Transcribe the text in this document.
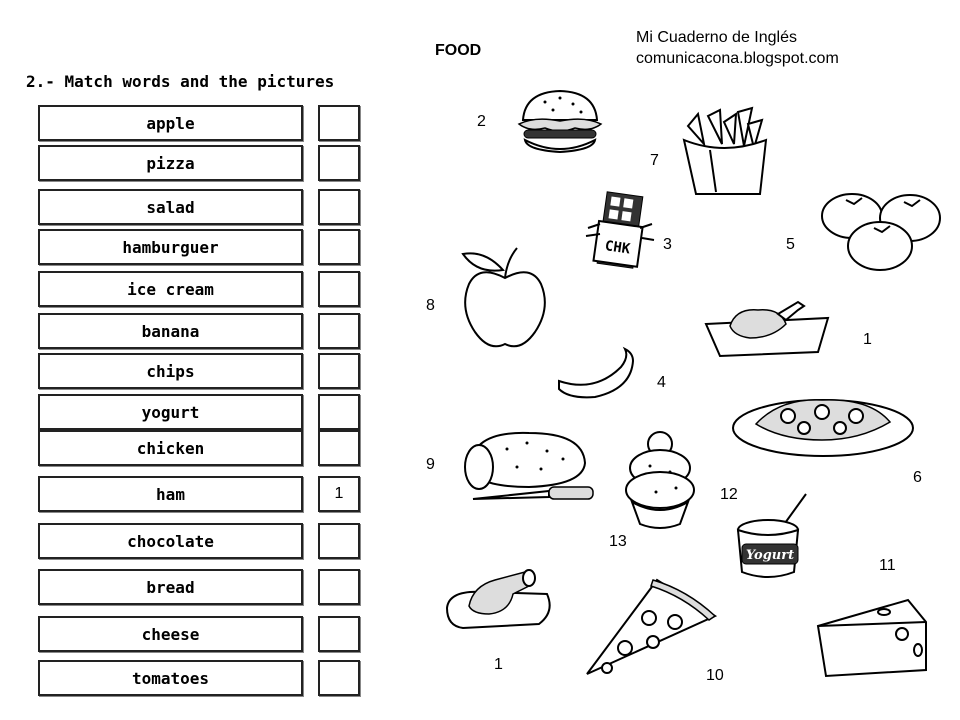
2.- Match words and the pictures
FOOD
Mi Cuaderno de Inglés
comunicacona.blogspot.com
apple
pizza
salad
hamburguer
ice cream
banana
chips
yogurt
chicken
ham	1
chocolate
bread
cheese
tomatoes
2
7
3	5
8
1
4
6
9
12
13
11
1
10
CHK
Yogurt
